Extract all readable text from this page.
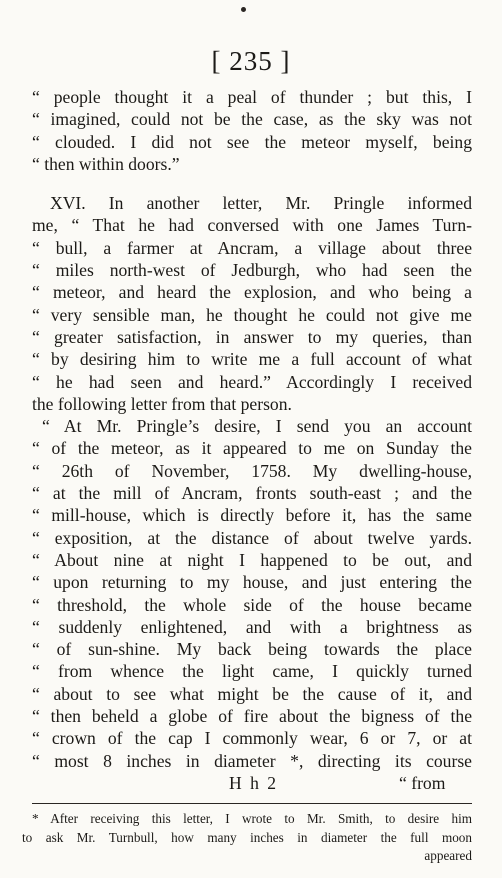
[ 235 ]
“ people thought it a peal of thunder ; but this, I
“ imagined, could not be the case, as the sky was not
“ clouded. I did not see the meteor myself, being
“ then within doors.”
XVI. In another letter, Mr. Pringle informed
me, “ That he had conversed with one James Turn-
“ bull, a farmer at Ancram, a village about three
“ miles north-west of Jedburgh, who had seen the
“ meteor, and heard the explosion, and who being a
“ very sensible man, he thought he could not give me
“ greater satisfaction, in answer to my queries, than
“ by desiring him to write me a full account of what
“ he had seen and heard.” Accordingly I received
the following letter from that person.
“ At Mr. Pringle’s desire, I send you an account
“ of the meteor, as it appeared to me on Sunday the
“ 26th of November, 1758. My dwelling-house,
“ at the mill of Ancram, fronts south-east ; and the
“ mill-house, which is directly before it, has the same
“ exposition, at the distance of about twelve yards.
“ About nine at night I happened to be out, and
“ upon returning to my house, and just entering the
“ threshold, the whole side of the house became
“ suddenly enlightened, and with a brightness as
“ of sun-shine. My back being towards the place
“ from whence the light came, I quickly turned
“ about to see what might be the cause of it, and
“ then beheld a globe of fire about the bigness of the
“ crown of the cap I commonly wear, 6 or 7, or at
“ most 8 inches in diameter *, directing its course
H h 2	“ from
* After receiving this letter, I wrote to Mr. Smith, to desire him
to ask Mr. Turnbull, how many inches in diameter the full moon
appeared
